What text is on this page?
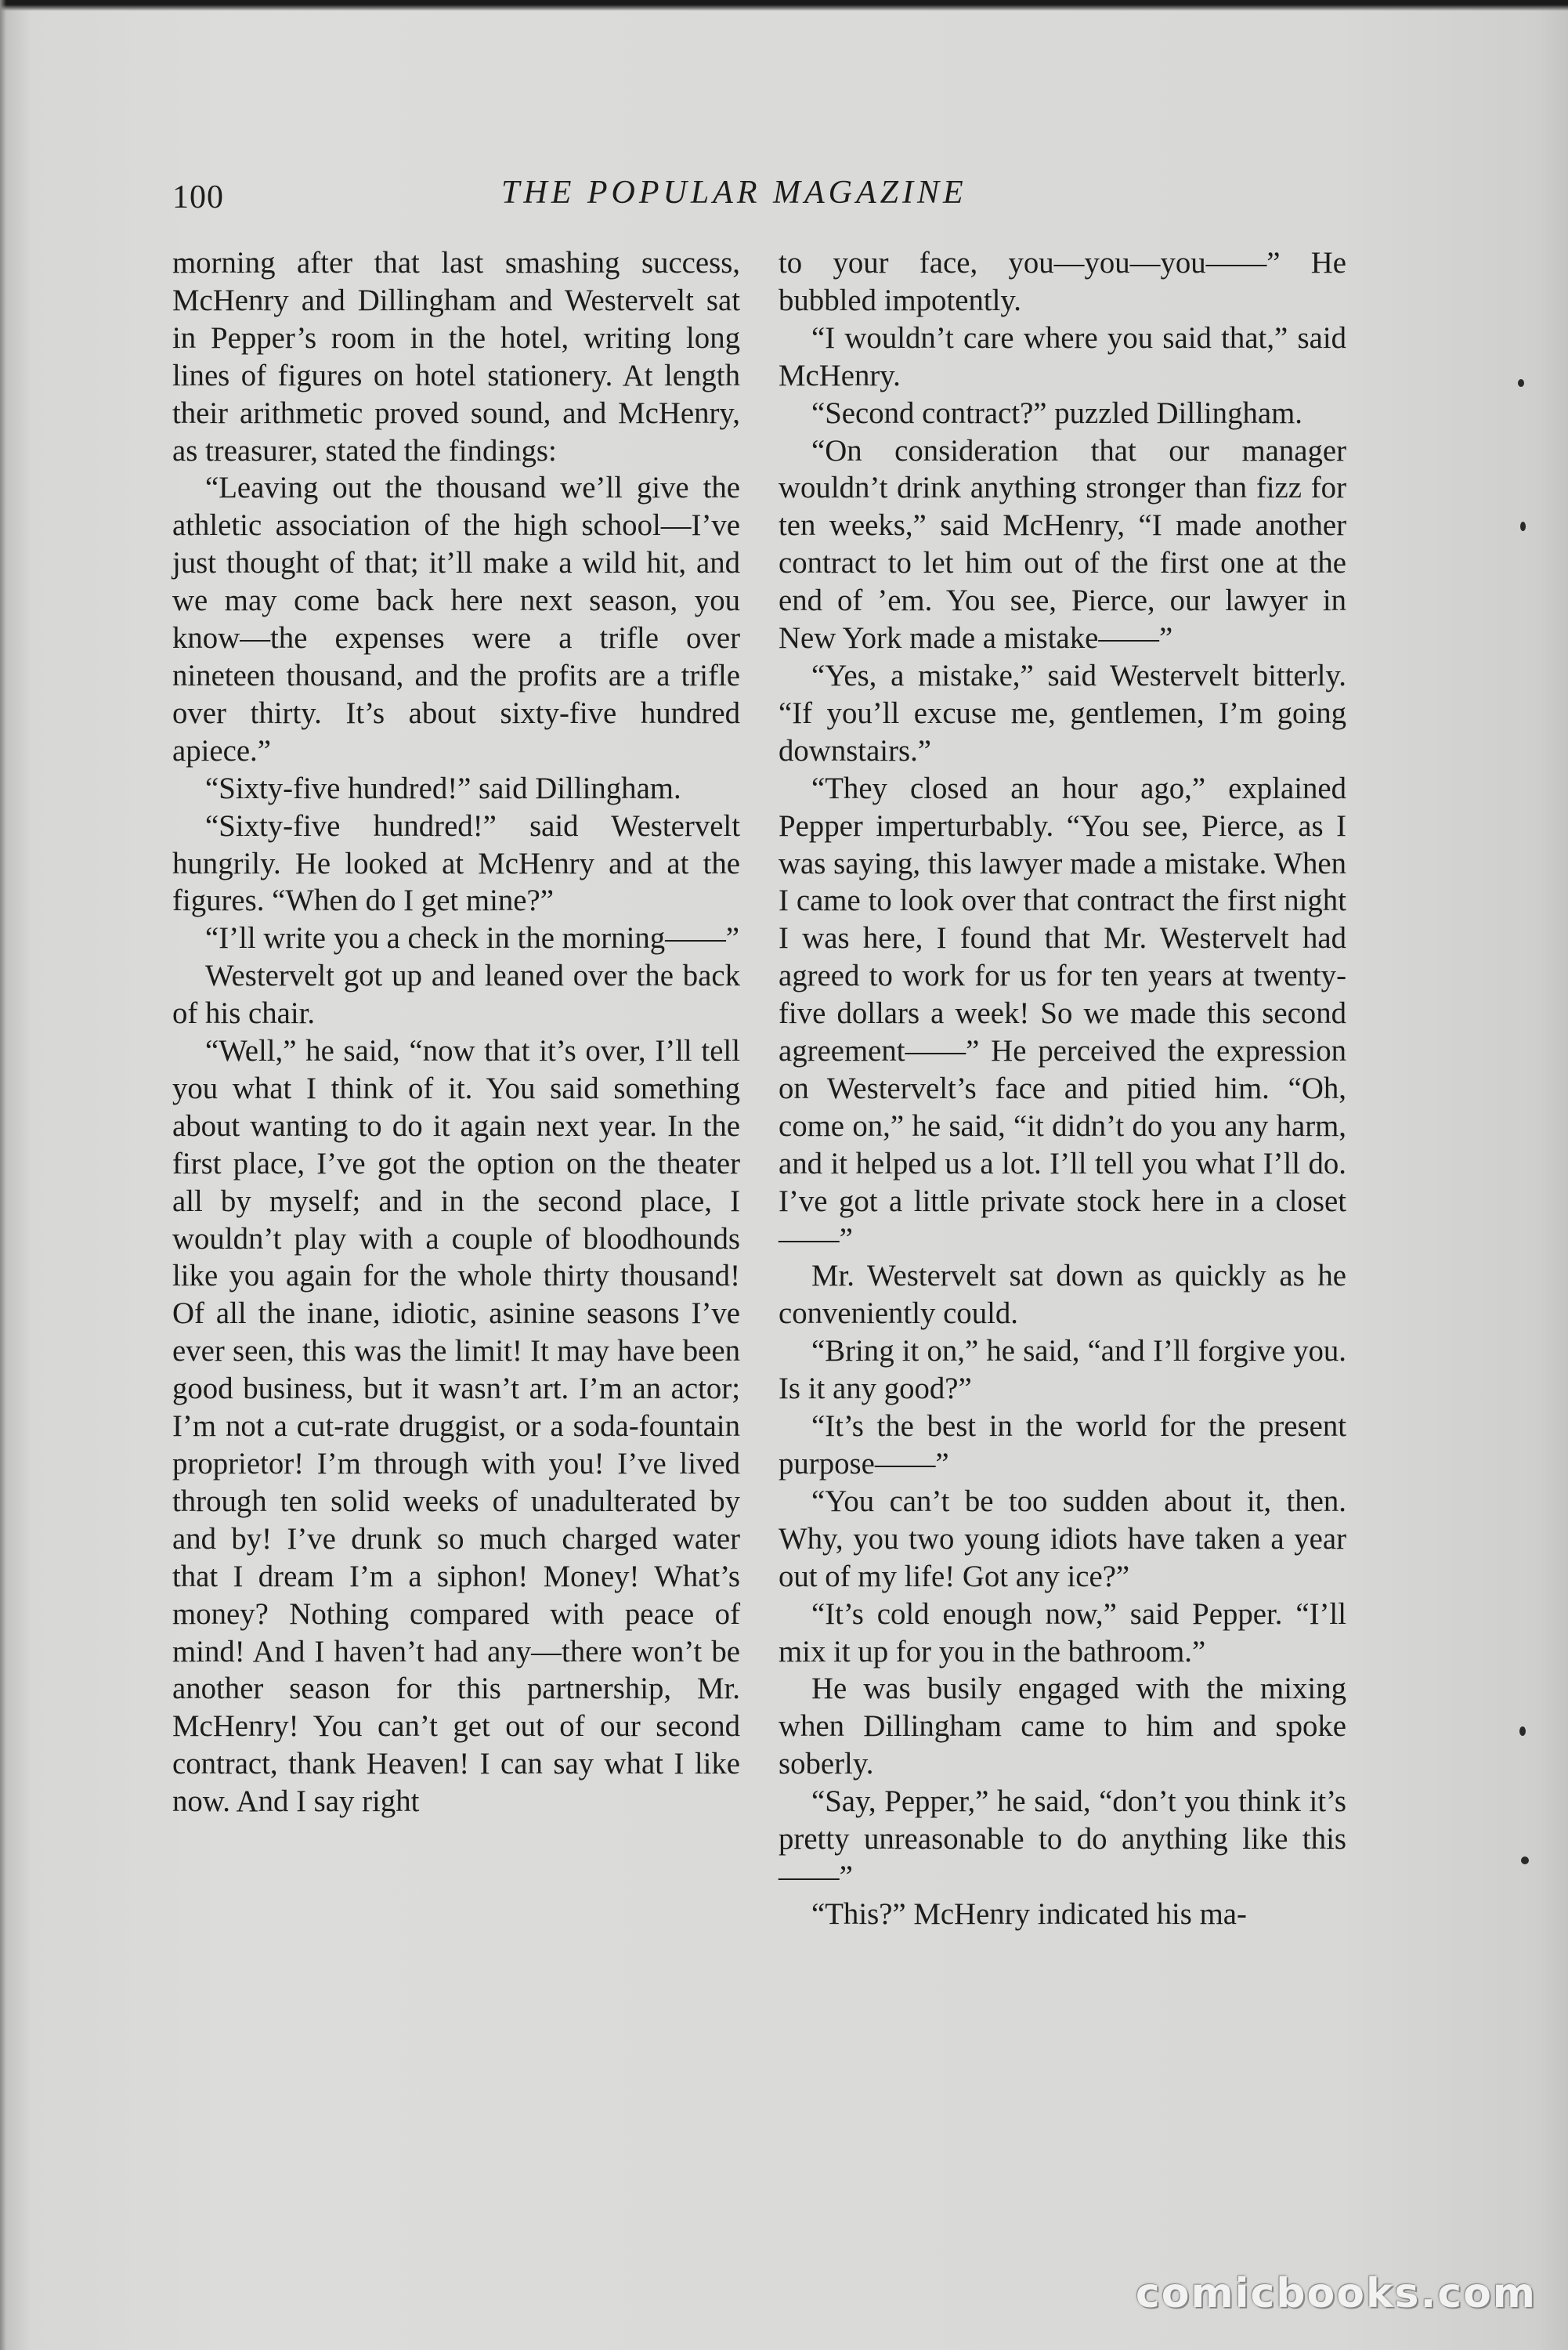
100	THE POPULAR MAGAZINE

morning after that last smashing success, McHenry and Dillingham and Westervelt sat in Pepper’s room in the hotel, writing long lines of figures on hotel stationery. At length their arithmetic proved sound, and McHenry, as treasurer, stated the findings:

“Leaving out the thousand we’ll give the athletic association of the high school—I’ve just thought of that; it’ll make a wild hit, and we may come back here next season, you know—the expenses were a trifle over nineteen thousand, and the profits are a trifle over thirty. It’s about sixty-five hundred apiece.”

“Sixty-five hundred!” said Dillingham.

“Sixty-five hundred!” said Westervelt hungrily. He looked at McHenry and at the figures. “When do I get mine?”

“I’ll write you a check in the morning——”

Westervelt got up and leaned over the back of his chair.

“Well,” he said, “now that it’s over, I’ll tell you what I think of it. You said something about wanting to do it again next year. In the first place, I’ve got the option on the theater all by myself; and in the second place, I wouldn’t play with a couple of bloodhounds like you again for the whole thirty thousand! Of all the inane, idiotic, asinine seasons I’ve ever seen, this was the limit! It may have been good business, but it wasn’t art. I’m an actor; I’m not a cut-rate druggist, or a soda-fountain proprietor! I’m through with you! I’ve lived through ten solid weeks of unadulterated by and by! I’ve drunk so much charged water that I dream I’m a siphon! Money! What’s money? Nothing compared with peace of mind! And I haven’t had any—there won’t be another season for this partnership, Mr. McHenry! You can’t get out of our second contract, thank Heaven! I can say what I like now. And I say right

to your face, you—you—you——” He bubbled impotently.

“I wouldn’t care where you said that,” said McHenry.

“Second contract?” puzzled Dillingham.

“On consideration that our manager wouldn’t drink anything stronger than fizz for ten weeks,” said McHenry, “I made another contract to let him out of the first one at the end of ’em. You see, Pierce, our lawyer in New York made a mistake——”

“Yes, a mistake,” said Westervelt bitterly. “If you’ll excuse me, gentlemen, I’m going downstairs.”

“They closed an hour ago,” explained Pepper imperturbably. “You see, Pierce, as I was saying, this lawyer made a mistake. When I came to look over that contract the first night I was here, I found that Mr. Westervelt had agreed to work for us for ten years at twenty-five dollars a week! So we made this second agreement——” He perceived the expression on Westervelt’s face and pitied him. “Oh, come on,” he said, “it didn’t do you any harm, and it helped us a lot. I’ll tell you what I’ll do. I’ve got a little private stock here in a closet——”

Mr. Westervelt sat down as quickly as he conveniently could.

“Bring it on,” he said, “and I’ll forgive you. Is it any good?”

“It’s the best in the world for the present purpose——”

“You can’t be too sudden about it, then. Why, you two young idiots have taken a year out of my life! Got any ice?”

“It’s cold enough now,” said Pepper. “I’ll mix it up for you in the bathroom.”

He was busily engaged with the mixing when Dillingham came to him and spoke soberly.

“Say, Pepper,” he said, “don’t you think it’s pretty unreasonable to do anything like this——”

“This?” McHenry indicated his ma-

comicbooks.com
